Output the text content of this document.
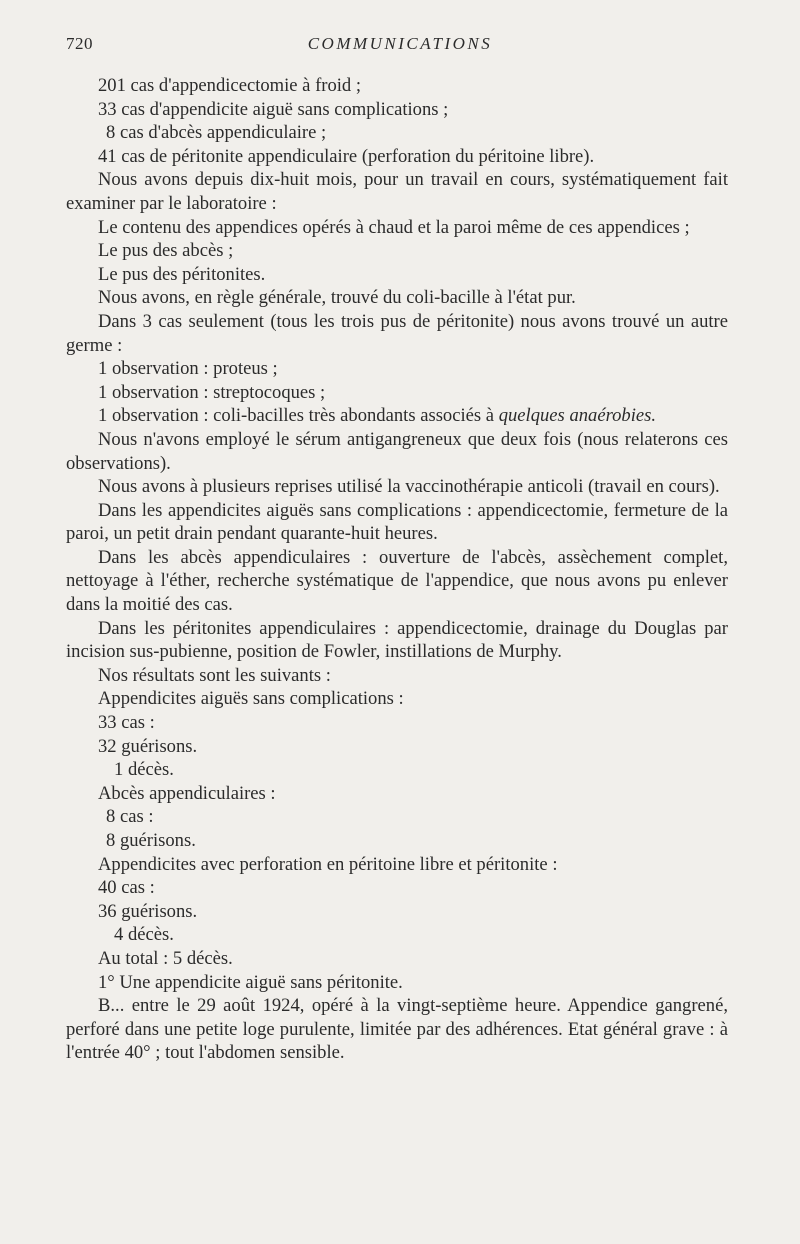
720	COMMUNICATIONS

201 cas d'appendicectomie à froid ;

33 cas d'appendicite aiguë sans complications ;

8 cas d'abcès appendiculaire ;

41 cas de péritonite appendiculaire (perforation du péritoine libre).

Nous avons depuis dix-huit mois, pour un travail en cours, systématiquement fait examiner par le laboratoire :

Le contenu des appendices opérés à chaud et la paroi même de ces appendices ;

Le pus des abcès ;

Le pus des péritonites.

Nous avons, en règle générale, trouvé du coli-bacille à l'état pur.

Dans 3 cas seulement (tous les trois pus de péritonite) nous avons trouvé un autre germe :

1 observation : proteus ;

1 observation : streptocoques ;

1 observation : coli-bacilles très abondants associés à quelques anaérobies.

Nous n'avons employé le sérum antigangreneux que deux fois (nous relaterons ces observations).

Nous avons à plusieurs reprises utilisé la vaccinothérapie anticoli (travail en cours).

Dans les appendicites aiguës sans complications : appendicectomie, fermeture de la paroi, un petit drain pendant quarante-huit heures.

Dans les abcès appendiculaires : ouverture de l'abcès, assèchement complet, nettoyage à l'éther, recherche systématique de l'appendice, que nous avons pu enlever dans la moitié des cas.

Dans les péritonites appendiculaires : appendicectomie, drainage du Douglas par incision sus-pubienne, position de Fowler, instillations de Murphy.

Nos résultats sont les suivants :

Appendicites aiguës sans complications :

33 cas :

32 guérisons.

1 décès.

Abcès appendiculaires :

8 cas :

8 guérisons.

Appendicites avec perforation en péritoine libre et péritonite :

40 cas :

36 guérisons.

4 décès.

Au total : 5 décès.

1° Une appendicite aiguë sans péritonite.

B... entre le 29 août 1924, opéré à la vingt-septième heure. Appendice gangrené, perforé dans une petite loge purulente, limitée par des adhérences. Etat général grave : à l'entrée 40° ; tout l'abdomen sensible.
